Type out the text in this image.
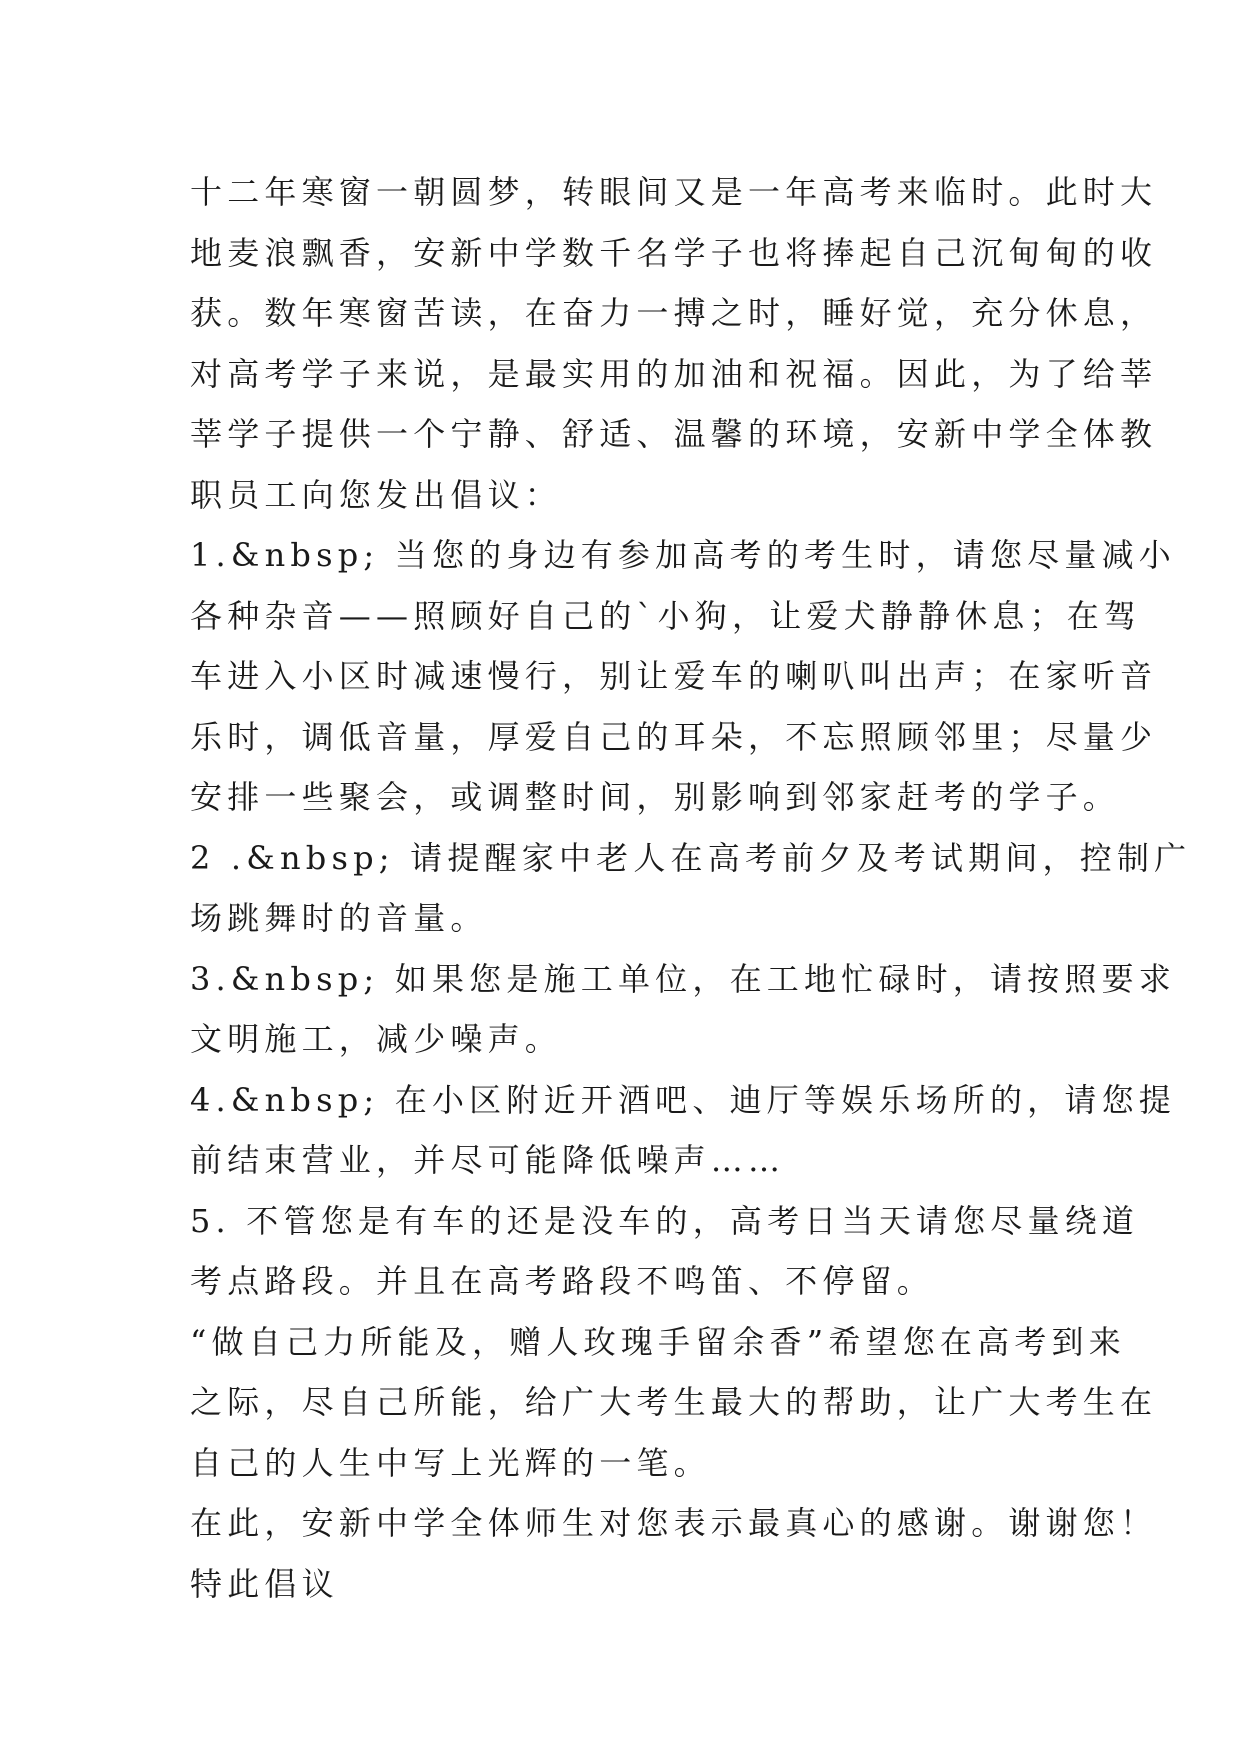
十二年寒窗一朝圆梦，转眼间又是一年高考来临时。此时大

地麦浪飘香，安新中学数千名学子也将捧起自己沉甸甸的收

获。数年寒窗苦读，在奋力一搏之时，睡好觉，充分休息，

对高考学子来说，是最实用的加油和祝福。因此，为了给莘

莘学子提供一个宁静、舒适、温馨的环境，安新中学全体教

职员工向您发出倡议：

1.&nbsp; 当您的身边有参加高考的考生时，请您尽量减小

各种杂音——照顾好自己的`小狗，让爱犬静静休息；在驾

车进入小区时减速慢行，别让爱车的喇叭叫出声；在家听音

乐时，调低音量，厚爱自己的耳朵，不忘照顾邻里；尽量少

安排一些聚会，或调整时间，别影响到邻家赶考的学子。

2 .&nbsp; 请提醒家中老人在高考前夕及考试期间，控制广

场跳舞时的音量。

3.&nbsp; 如果您是施工单位，在工地忙碌时，请按照要求

文明施工，减少噪声。

4.&nbsp; 在小区附近开酒吧、迪厅等娱乐场所的，请您提

前结束营业，并尽可能降低噪声……

5. 不管您是有车的还是没车的，高考日当天请您尽量绕道

考点路段。并且在高考路段不鸣笛、不停留。

“做自己力所能及，赠人玫瑰手留余香”希望您在高考到来

之际，尽自己所能，给广大考生最大的帮助，让广大考生在

自己的人生中写上光辉的一笔。

在此，安新中学全体师生对您表示最真心的感谢。谢谢您！

特此倡议
